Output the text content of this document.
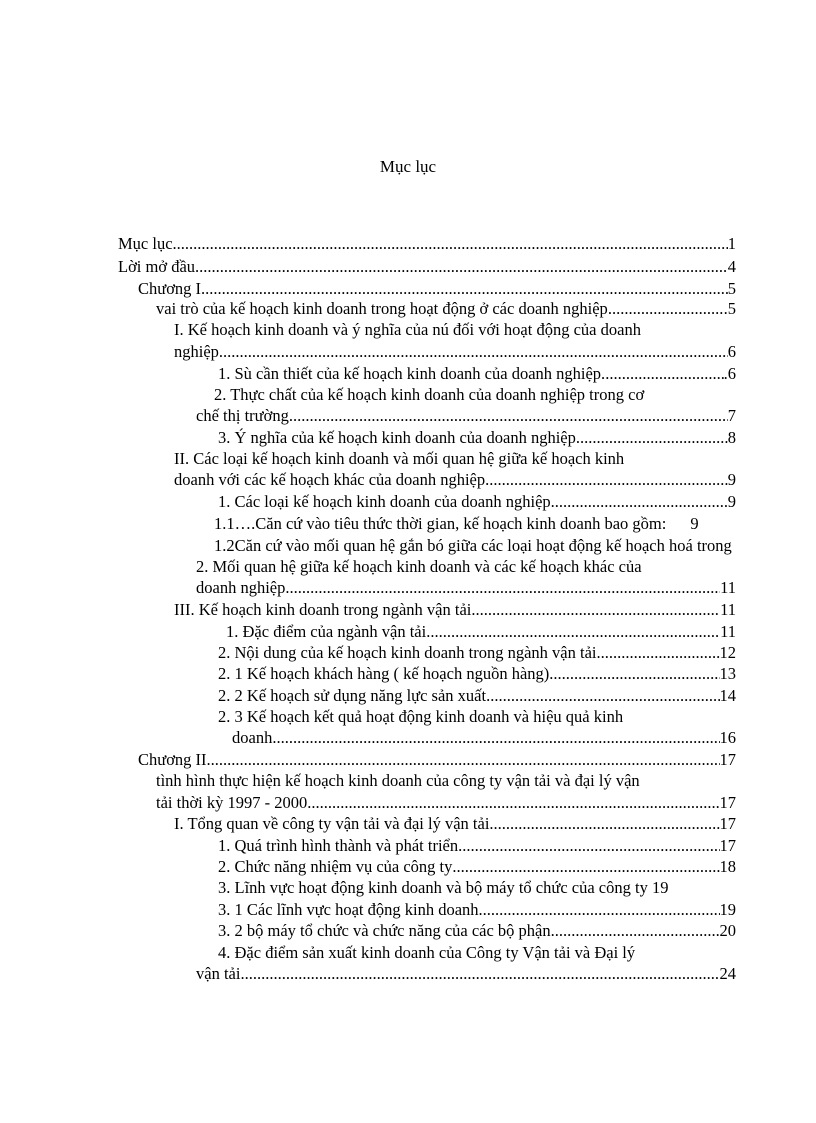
Mục lục
Mục lục .....	1
Lời mở đầu .....	4
Chương I .....	5
vai trò của kế hoạch kinh doanh trong hoạt động ở các doanh nghiệp .....	.5
I. Kế hoạch kinh doanh và ý nghĩa của nú đối với hoạt động của doanh
nghiệp .....	6
1. Sù cần thiết của kế hoạch kinh doanh của doanh nghiệp. .....	.6
2. Thực chất của kế hoạch kinh doanh của doanh nghiệp trong cơ
chế thị trường .....	7
3. Ý nghĩa của kế hoạch kinh doanh của doanh nghiệp. .....	8
II. Các loại kế hoạch kinh doanh và mối quan hệ giữa kế hoạch kinh
doanh với các kế hoạch khác của doanh nghiệp. .....	9
1. Các loại kế hoạch kinh doanh của doanh nghiệp. .....	9
1.1….Căn cứ vào tiêu thức thời gian, kế hoạch kinh doanh bao gồm: 9
1.2Căn cứ vào mối quan hệ gắn bó giữa các loại hoạt động kế hoạch hoá trong
2. Mối quan hệ giữa kế hoạch kinh doanh và các kế hoạch khác của
doanh nghiệp. .....	11
III. Kế hoạch kinh doanh trong ngành vận tải. .....	11
1. Đặc điểm của ngành vận tải. .....	11
2. Nội dung của kế hoạch kinh doanh trong ngành vận tải. .....	12
2. 1 Kế hoạch khách hàng ( kế hoạch nguồn hàng) .....	13
2. 2 Kế hoạch sử dụng năng lực sản xuất .....	14
2. 3 Kế hoạch kết quả hoạt động kinh doanh và hiệu quả kinh
doanh .....	16
Chương II .....	17
tình hình thực hiện kế hoạch kinh doanh của công ty vận tải và đại lý vận
tải thời kỳ 1997 - 2000 .....	17
I. Tổng quan về công ty vận tải và đại lý vận tải .....	17
1. Quá trình hình thành và phát triển. .....	17
2. Chức năng nhiệm vụ của công ty .....	18
3. Lĩnh vực hoạt động kinh doanh và bộ máy tổ chức của công ty 19
3. 1 Các lĩnh vực hoạt động kinh doanh .....	19
3. 2 bộ máy tổ chức và chức năng của các bộ phận .....	20
4. Đặc điểm sản xuất kinh doanh của Công ty Vận tải và Đại lý
vận tải .....	24
